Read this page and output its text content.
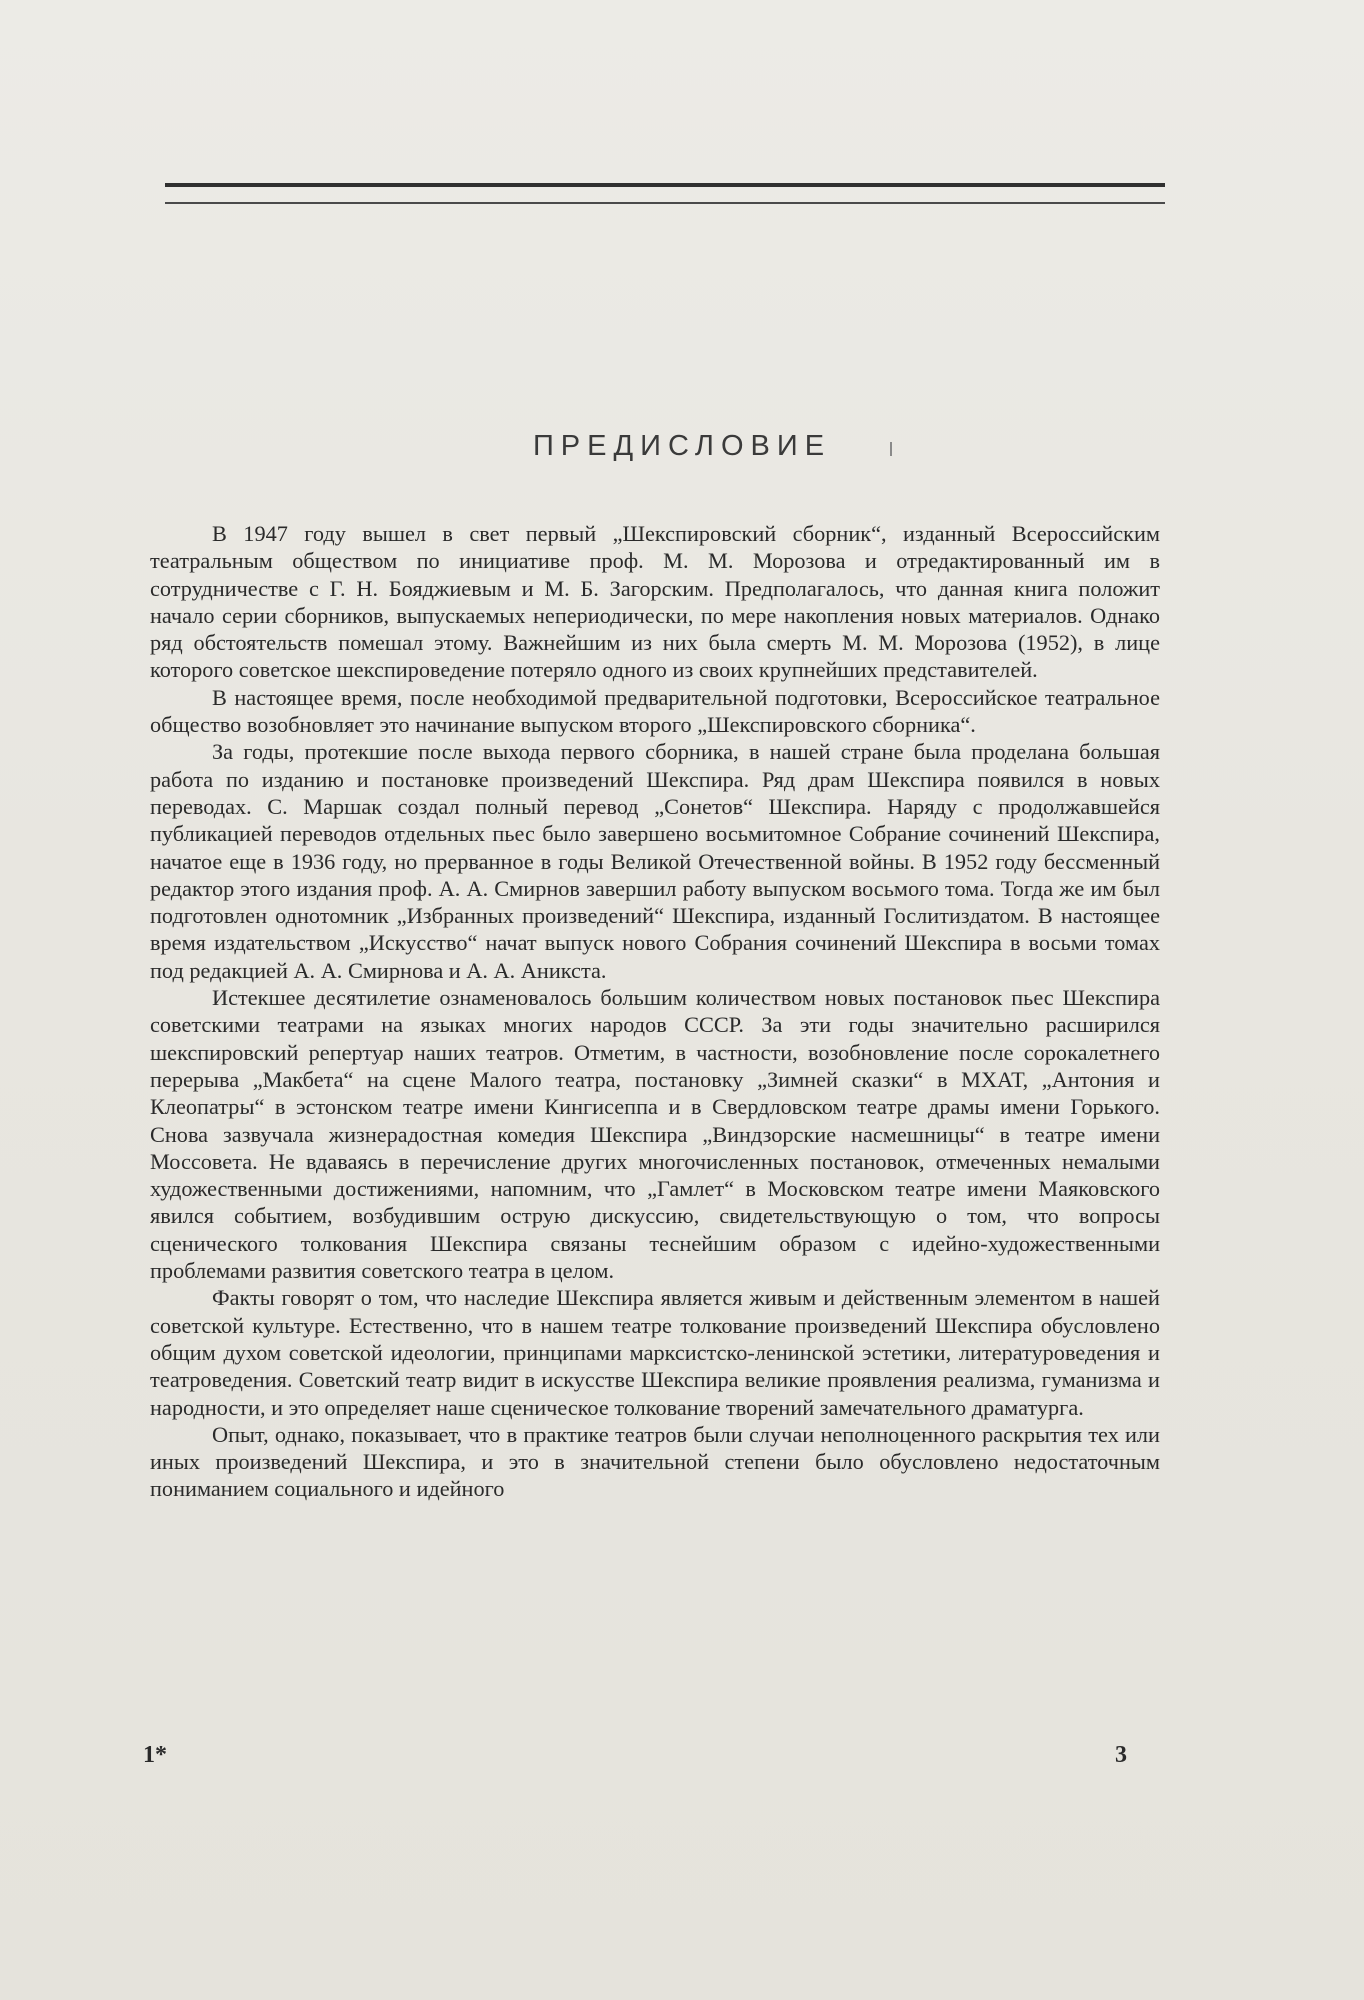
ПРЕДИСЛОВИЕ

В 1947 году вышел в свет первый „Шекспировский сборник“, изданный Всероссийским театральным обществом по инициативе проф. М. М. Морозова и отредактированный им в сотрудничестве с Г. Н. Бояджиевым и М. Б. Загорским. Предполагалось, что данная книга положит начало серии сборников, выпускаемых непериодически, по мере накопления новых материалов. Однако ряд обстоятельств помешал этому. Важнейшим из них была смерть М. М. Морозова (1952), в лице которого советское шекспироведение потеряло одного из своих крупнейших представителей.

В настоящее время, после необходимой предварительной подготовки, Всероссийское театральное общество возобновляет это начинание выпуском второго „Шекспировского сборника“.

За годы, протекшие после выхода первого сборника, в нашей стране была проделана большая работа по изданию и постановке произведений Шекспира. Ряд драм Шекспира появился в новых переводах. С. Маршак создал полный перевод „Сонетов“ Шекспира. Наряду с продолжавшейся публикацией переводов отдельных пьес было завершено восьмитомное Собрание сочинений Шекспира, начатое еще в 1936 году, но прерванное в годы Великой Отечественной войны. В 1952 году бессменный редактор этого издания проф. А. А. Смирнов завершил работу выпуском восьмого тома. Тогда же им был подготовлен однотомник „Избранных произведений“ Шекспира, изданный Гослитиздатом. В настоящее время издательством „Искусство“ начат выпуск нового Собрания сочинений Шекспира в восьми томах под редакцией А. А. Смирнова и А. А. Аникста.

Истекшее десятилетие ознаменовалось большим количеством новых постановок пьес Шекспира советскими театрами на языках многих народов СССР. За эти годы значительно расширился шекспировский репертуар наших театров. Отметим, в частности, возобновление после сорокалетнего перерыва „Макбета“ на сцене Малого театра, постановку „Зимней сказки“ в МХАТ, „Антония и Клеопатры“ в эстонском театре имени Кингисеппа и в Свердловском театре драмы имени Горького. Снова зазвучала жизнерадостная комедия Шекспира „Виндзорские насмешницы“ в театре имени Моссовета. Не вдаваясь в перечисление других многочисленных постановок, отмеченных немалыми художественными достижениями, напомним, что „Гамлет“ в Московском театре имени Маяковского явился событием, возбудившим острую дискуссию, свидетельствующую о том, что вопросы сценического толкования Шекспира связаны теснейшим образом с идейно-художественными проблемами развития советского театра в целом.

Факты говорят о том, что наследие Шекспира является живым и действенным элементом в нашей советской культуре. Естественно, что в нашем театре толкование произведений Шекспира обусловлено общим духом советской идеологии, принципами марксистско-ленинской эстетики, литературоведения и театроведения. Советский театр видит в искусстве Шекспира великие проявления реализма, гуманизма и народности, и это определяет наше сценическое толкование творений замечательного драматурга.

Опыт, однако, показывает, что в практике театров были случаи неполноценного раскрытия тех или иных произведений Шекспира, и это в значительной степени было обусловлено недостаточным пониманием социального и идейного

1*	3
